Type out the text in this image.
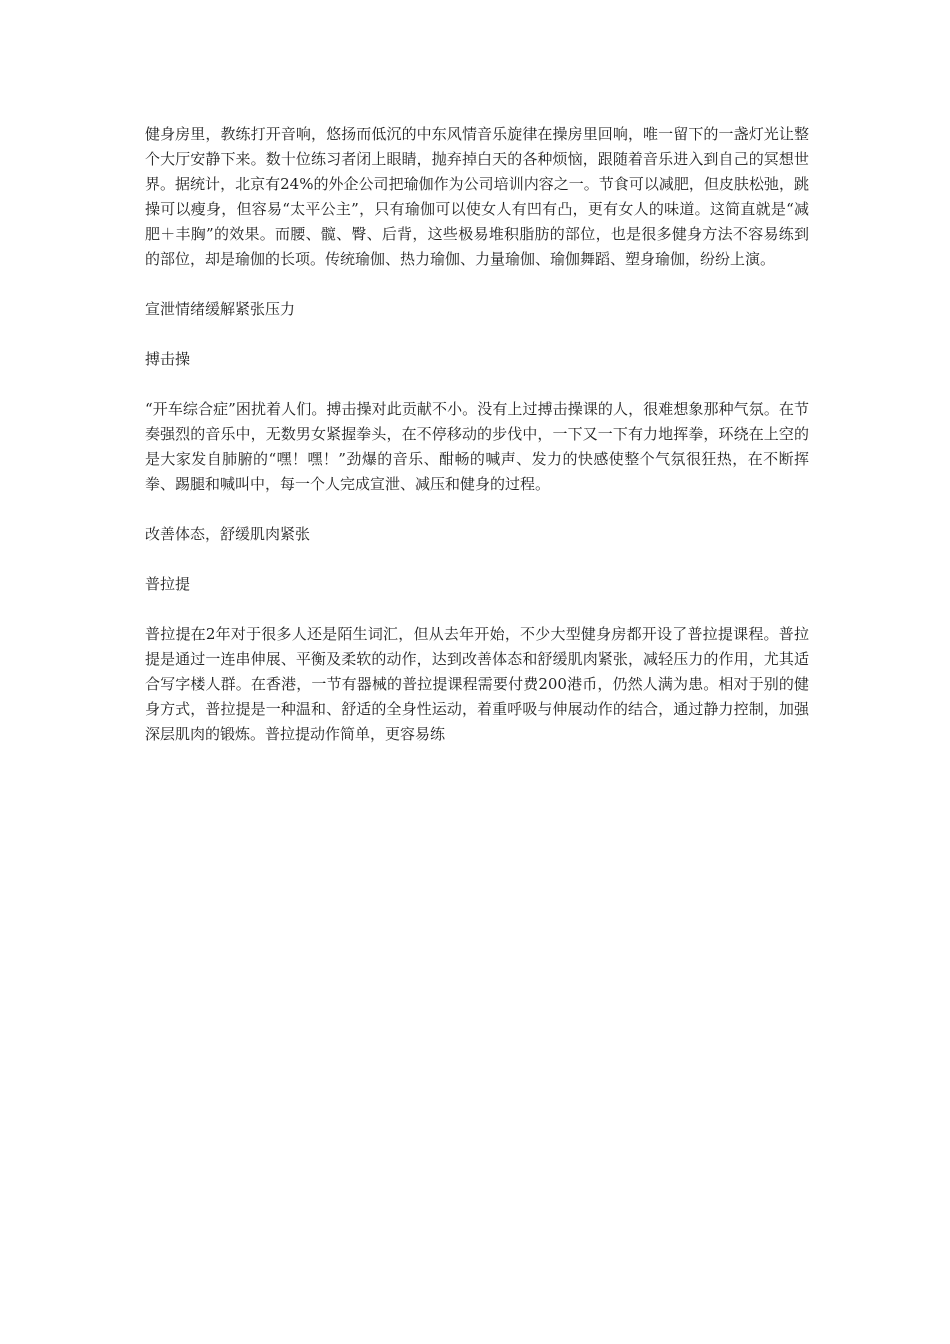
健身房里，教练打开音响，悠扬而低沉的中东风情音乐旋律在操房里回响，唯一留下的一盏灯光让整个大厅安静下来。数十位练习者闭上眼睛，抛弃掉白天的各种烦恼，跟随着音乐进入到自己的冥想世界。据统计，北京有24%的外企公司把瑜伽作为公司培训内容之一。节食可以减肥，但皮肤松弛，跳操可以瘦身，但容易“太平公主”，只有瑜伽可以使女人有凹有凸，更有女人的味道。这简直就是“减肥＋丰胸”的效果。而腰、髋、臀、后背，这些极易堆积脂肪的部位，也是很多健身方法不容易练到的部位，却是瑜伽的长项。传统瑜伽、热力瑜伽、力量瑜伽、瑜伽舞蹈、塑身瑜伽，纷纷上演。

宣泄情绪缓解紧张压力

搏击操

“开车综合症”困扰着人们。搏击操对此贡献不小。没有上过搏击操课的人，很难想象那种气氛。在节奏强烈的音乐中，无数男女紧握拳头，在不停移动的步伐中，一下又一下有力地挥拳，环绕在上空的是大家发自肺腑的“嘿！嘿！”劲爆的音乐、酣畅的喊声、发力的快感使整个气氛很狂热，在不断挥拳、踢腿和喊叫中，每一个人完成宣泄、减压和健身的过程。

改善体态，舒缓肌肉紧张

普拉提

普拉提在2年对于很多人还是陌生词汇，但从去年开始，不少大型健身房都开设了普拉提课程。普拉提是通过一连串伸展、平衡及柔软的动作，达到改善体态和舒缓肌肉紧张，减轻压力的作用，尤其适合写字楼人群。在香港，一节有器械的普拉提课程需要付费200港币，仍然人满为患。相对于别的健身方式，普拉提是一种温和、舒适的全身性运动，着重呼吸与伸展动作的结合，通过静力控制，加强深层肌肉的锻炼。普拉提动作简单，更容易练
